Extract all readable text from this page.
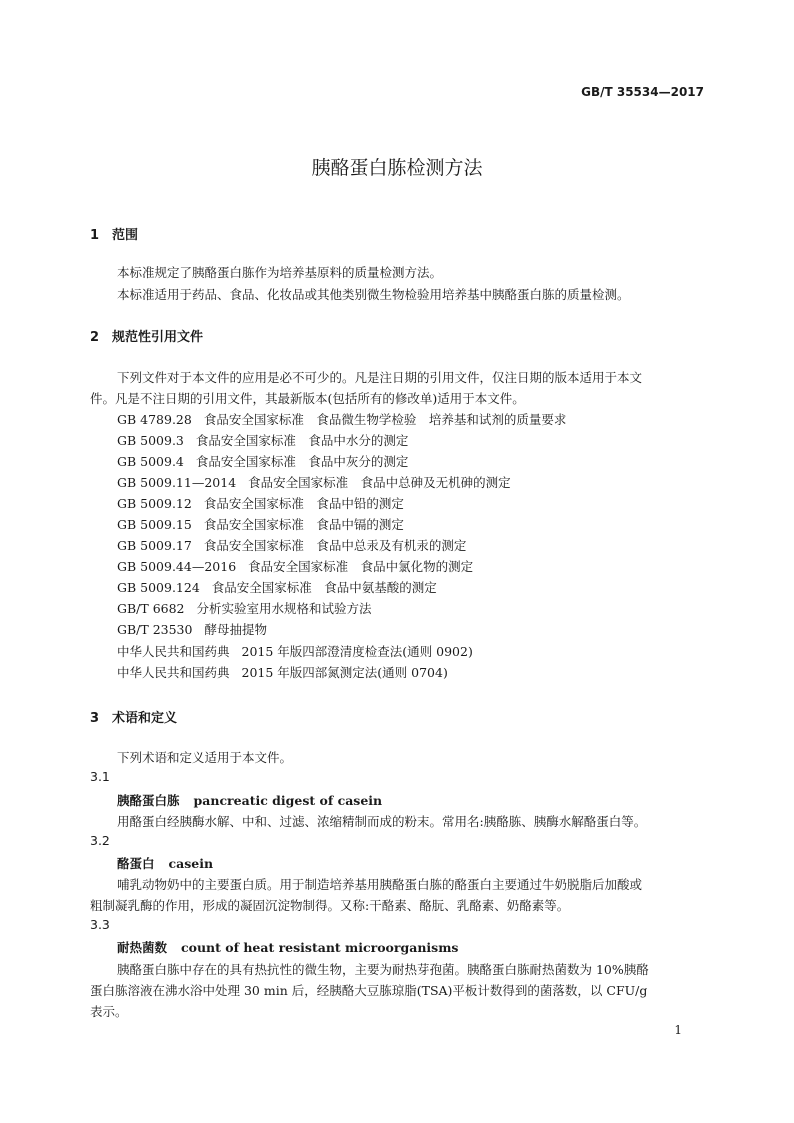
GB/T 35534—2017
胰酪蛋白胨检测方法
1 范围
本标准规定了胰酪蛋白胨作为培养基原料的质量检测方法。
本标准适用于药品、食品、化妆品或其他类别微生物检验用培养基中胰酪蛋白胨的质量检测。
2 规范性引用文件
下列文件对于本文件的应用是必不可少的。凡是注日期的引用文件，仅注日期的版本适用于本文
件。凡是不注日期的引用文件，其最新版本(包括所有的修改单)适用于本文件。
GB 4789.28 食品安全国家标准　食品微生物学检验　培养基和试剂的质量要求
GB 5009.3 食品安全国家标准　食品中水分的测定
GB 5009.4 食品安全国家标准　食品中灰分的测定
GB 5009.11—2014 食品安全国家标准　食品中总砷及无机砷的测定
GB 5009.12 食品安全国家标准　食品中铅的测定
GB 5009.15 食品安全国家标准　食品中镉的测定
GB 5009.17 食品安全国家标准　食品中总汞及有机汞的测定
GB 5009.44—2016 食品安全国家标准　食品中氯化物的测定
GB 5009.124 食品安全国家标准　食品中氨基酸的测定
GB/T 6682 分析实验室用水规格和试验方法
GB/T 23530 酵母抽提物
中华人民共和国药典 2015 年版四部澄清度检查法(通则 0902)
中华人民共和国药典 2015 年版四部氮测定法(通则 0704)
3 术语和定义
下列术语和定义适用于本文件。
3.1
胰酪蛋白胨 pancreatic digest of casein
用酪蛋白经胰酶水解、中和、过滤、浓缩精制而成的粉末。常用名:胰酪胨、胰酶水解酪蛋白等。
3.2
酪蛋白 casein
哺乳动物奶中的主要蛋白质。用于制造培养基用胰酪蛋白胨的酪蛋白主要通过牛奶脱脂后加酸或
粗制凝乳酶的作用，形成的凝固沉淀物制得。又称:干酪素、酪朊、乳酪素、奶酪素等。
3.3
耐热菌数 count of heat resistant microorganisms
胰酪蛋白胨中存在的具有热抗性的微生物，主要为耐热芽孢菌。胰酪蛋白胨耐热菌数为 10%胰酪
蛋白胨溶液在沸水浴中处理 30 min 后，经胰酪大豆胨琼脂(TSA)平板计数得到的菌落数，以 CFU/g
表示。
1
